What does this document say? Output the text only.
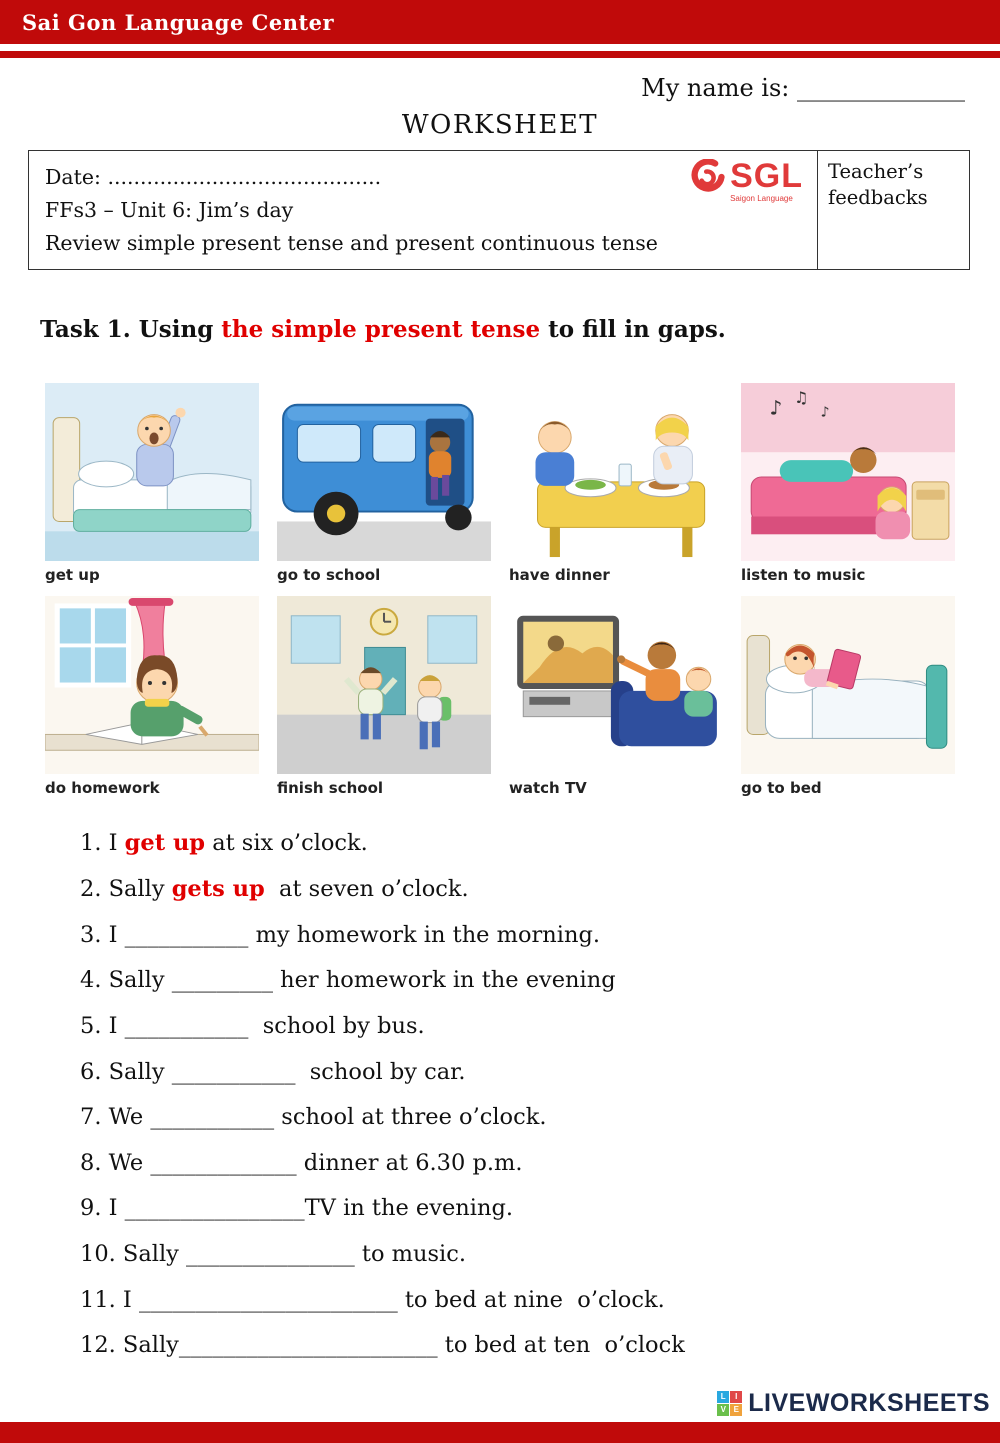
Sai Gon Language Center
My name is: ______________
WORKSHEET
Date: ..........................................
FFs3 – Unit 6: Jim’s day
Review simple present tense and present continuous tense
SGL
Saigon Language
Teacher’s feedbacks
Task 1. Using the simple present tense to fill in gaps.
get up	go to school	have dinner
♪ ♫
♪
listen to music
do homework	finish school	watch TV	go to bed
1. I get up at six o’clock.
2. Sally gets up  at seven o’clock.
3. I ___________ my homework in the morning.
4. Sally _________ her homework in the evening
5. I ___________  school by bus.
6. Sally ___________  school by car.
7. We ___________ school at three o’clock.
8. We _____________ dinner at 6.30 p.m.
9. I ________________TV in the evening.
10. Sally _______________ to music.
11. I _______________________ to bed at nine  o’clock.
12. Sally_______________________ to bed at ten  o’clock
L	I
V E LIVEWORKSHEETS
